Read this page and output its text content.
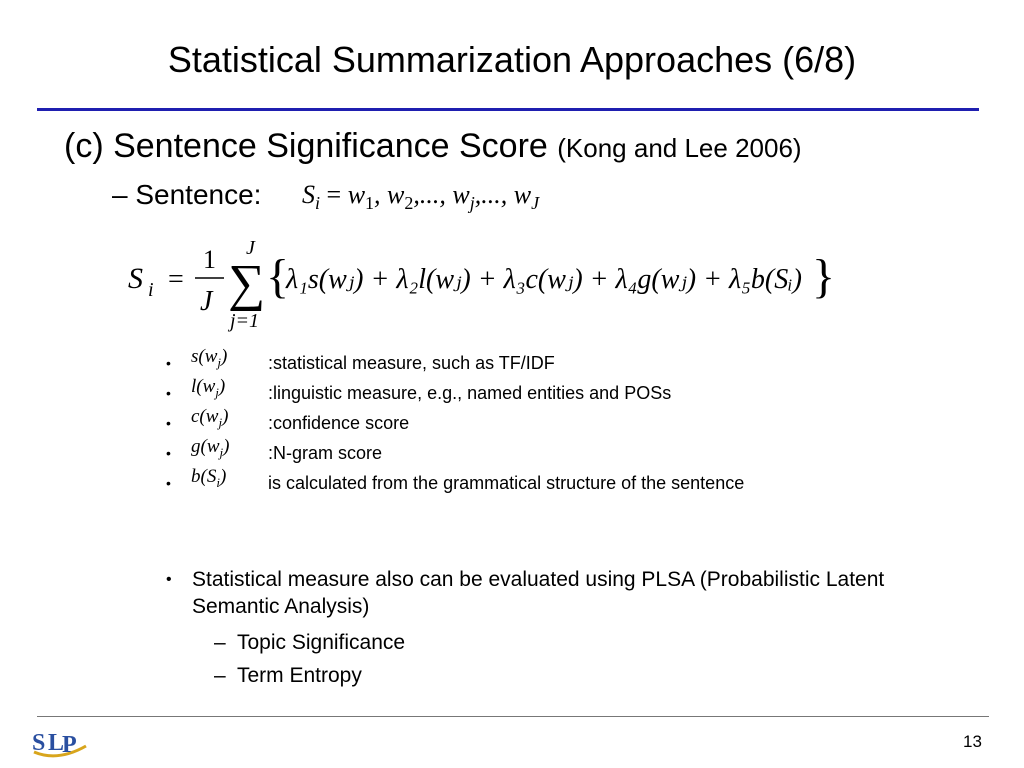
Statistical Summarization Approaches (6/8)
(c) Sentence Significance Score (Kong and Lee 2006)
– Sentence: $S_i = w_1$, $w_2$,..., $w_j$,..., $w_J$
S i =
1
J
J
∑
j=1
{
λ₁s(wⱼ) + λ₂l(wⱼ) + λ₃c(wⱼ) + λ₄g(wⱼ) + λ₅b(Sᵢ) }
• $s(w_j)$ :statistical measure, such as TF/IDF
• $l(w_j)$ :linguistic measure, e.g., named entities and POSs
• $c(w_j)$ :confidence score
• $g(w_j)$ :N-gram score
• $b(S_i)$ is calculated from the grammatical structure of the sentence
• Statistical measure also can be evaluated using PLSA (Probabilistic Latent Semantic Analysis)
– Topic Significance
– Term Entropy
S L
P	13
